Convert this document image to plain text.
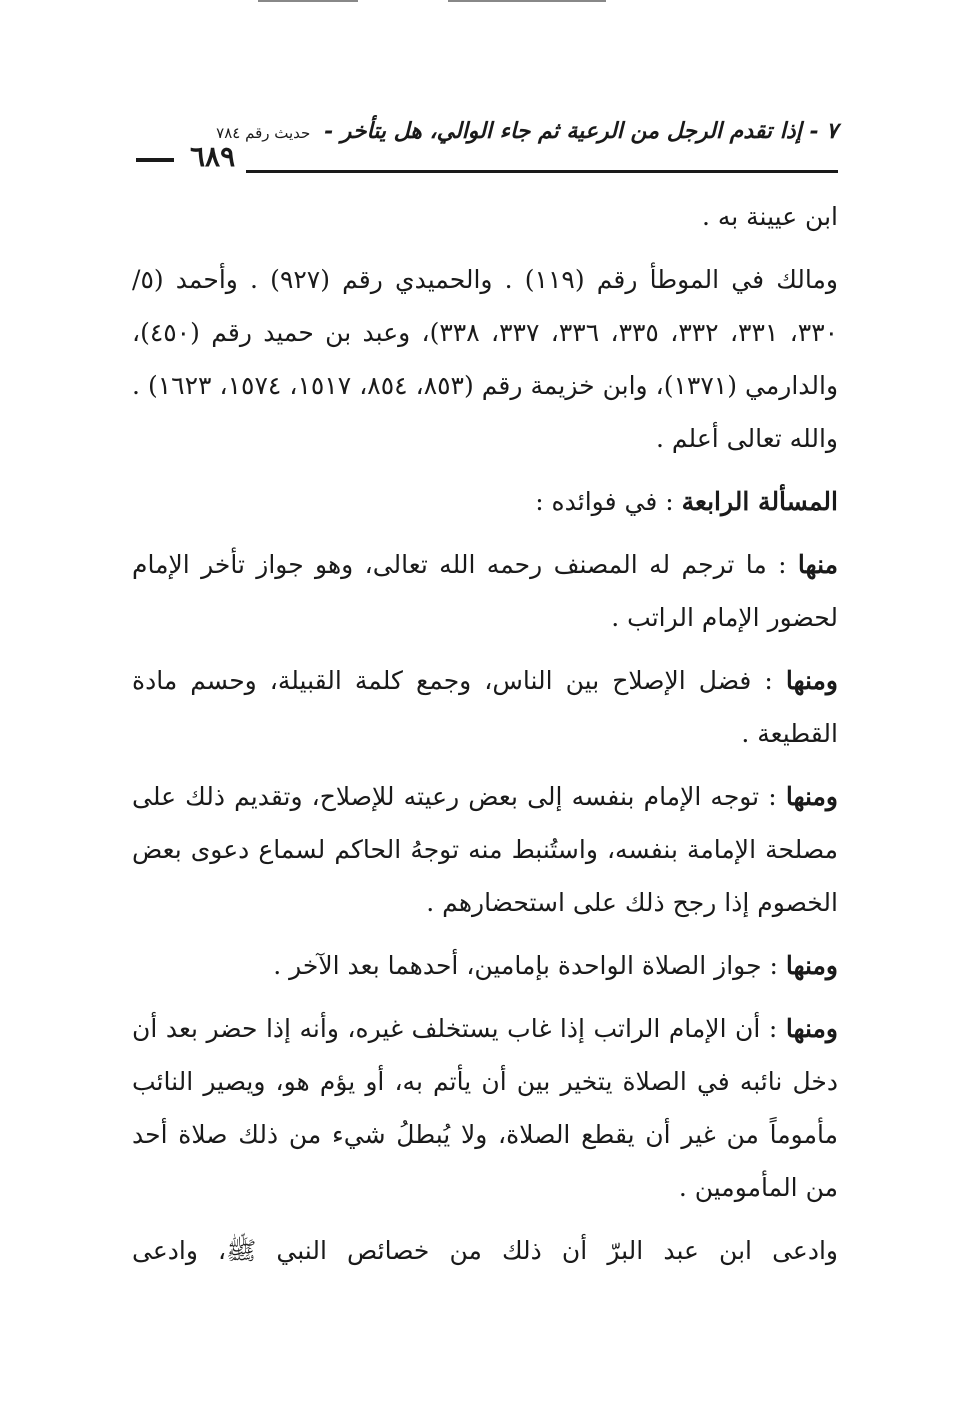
٧ - إذا تقدم الرجل من الرعية ثم جاء الوالي، هل يتأخر - حديث رقم ٧٨٤
٦٨٩

ابن عيينة به .

ومالك في الموطأ رقم (١١٩) . والحميدي رقم (٩٢٧) . وأحمد (٥/ ٣٣٠، ٣٣١، ٣٣٢، ٣٣٥، ٣٣٦، ٣٣٧، ٣٣٨)، وعبد بن حميد رقم (٤٥٠)، والدارمي (١٣٧١)، وابن خزيمة رقم (٨٥٣، ٨٥٤، ١٥١٧، ١٥٧٤، ١٦٢٣) . والله تعالى أعلم .

المسألة الرابعة : في فوائده :

منها : ما ترجم له المصنف رحمه الله تعالى، وهو جواز تأخر الإمام لحضور الإمام الراتب .

ومنها : فضل الإصلاح بين الناس، وجمع كلمة القبيلة، وحسم مادة القطيعة .

ومنها : توجه الإمام بنفسه إلى بعض رعيته للإصلاح، وتقديم ذلك على مصلحة الإمامة بنفسه، واستُنبط منه توجهُ الحاكم لسماع دعوى بعض الخصوم إذا رجح ذلك على استحضارهم .

ومنها : جواز الصلاة الواحدة بإمامين، أحدهما بعد الآخر .

ومنها : أن الإمام الراتب إذا غاب يستخلف غيره، وأنه إذا حضر بعد أن دخل نائبه في الصلاة يتخير بين أن يأتم به، أو يؤم هو، ويصير النائب مأموماً من غير أن يقطع الصلاة، ولا يُبطلُ شيء من ذلك صلاة أحد من المأمومين .

وادعى ابن عبد البرّ أن ذلك من خصائص النبي ﷺ، وادعى
